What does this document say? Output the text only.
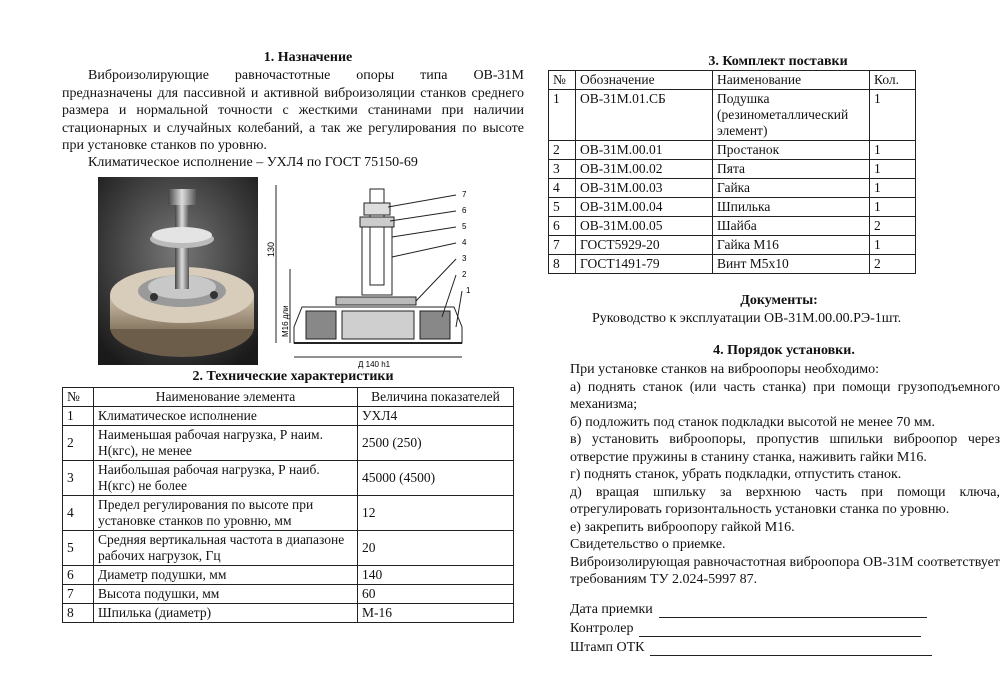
1. Назначение

Виброизолирующие равночастотные опоры типа ОВ-31М предназначены для пассивной и активной виброизоляции станков среднего размера и нормальной точности с жесткими станинами при наличии стационарных и случайных колебаний, а так же регулирования по высоте при установке станков по уровню.

Климатическое исполнение – УХЛ4 по ГОСТ 75150-69

130
М16 дли
Д 140 h1
7
6
5
4
3
2
1
2. Технические характеристики
№	Наименование элемента	Величина показателей
1	Климатическое исполнение	УХЛ4
2	Наименьшая рабочая нагрузка, Р наим. Н(кгс), не менее	2500 (250)
3	Наибольшая рабочая нагрузка, Р наиб. Н(кгс) не более	45000 (4500)
4	Предел регулирования по высоте при установке станков по уровню, мм	12
5	Средняя вертикальная частота в диапазоне рабочих нагрузок, Гц	20
6	Диаметр подушки, мм	140
7	Высота подушки, мм	60
8	Шпилька (диаметр)	М-16
3. Комплект поставки
№	Обозначение	Наименование	Кол.
1	ОВ-31М.01.СБ	Подушка (резинометаллический элемент)	1
2	ОВ-31М.00.01	Простанок	1
3	ОВ-31М.00.02	Пята	1
4	ОВ-31М.00.03	Гайка	1
5	ОВ-31М.00.04	Шпилька	1
6	ОВ-31М.00.05	Шайба	2
7	ГОСТ5929-20	Гайка М16	1
8	ГОСТ1491-79	Винт М5х10	2
Документы:

Руководство к эксплуатации ОВ-31М.00.00.РЭ-1шт.

4. Порядок установки.

При установке станков на виброопоры необходимо:

а) поднять станок (или часть станка) при помощи грузоподъемного механизма;

б) подложить под станок подкладки высотой не менее 70 мм.

в) установить виброопоры, пропустив шпильки виброопор через отверстие пружины в станину станка, наживить гайки М16.

г) поднять станок, убрать подкладки, отпустить станок.

д) вращая шпильку за верхнюю часть при помощи ключа, отрегулировать горизонтальность установки станка по уровню.

е) закрепить виброопору гайкой М16.

Свидетельство о приемке.

Виброизолирующая равночастотная виброопора ОВ-31М соответствует требованиям ТУ 2.024-5997 87.

Дата приемки
Контролер
Штамп ОТК
